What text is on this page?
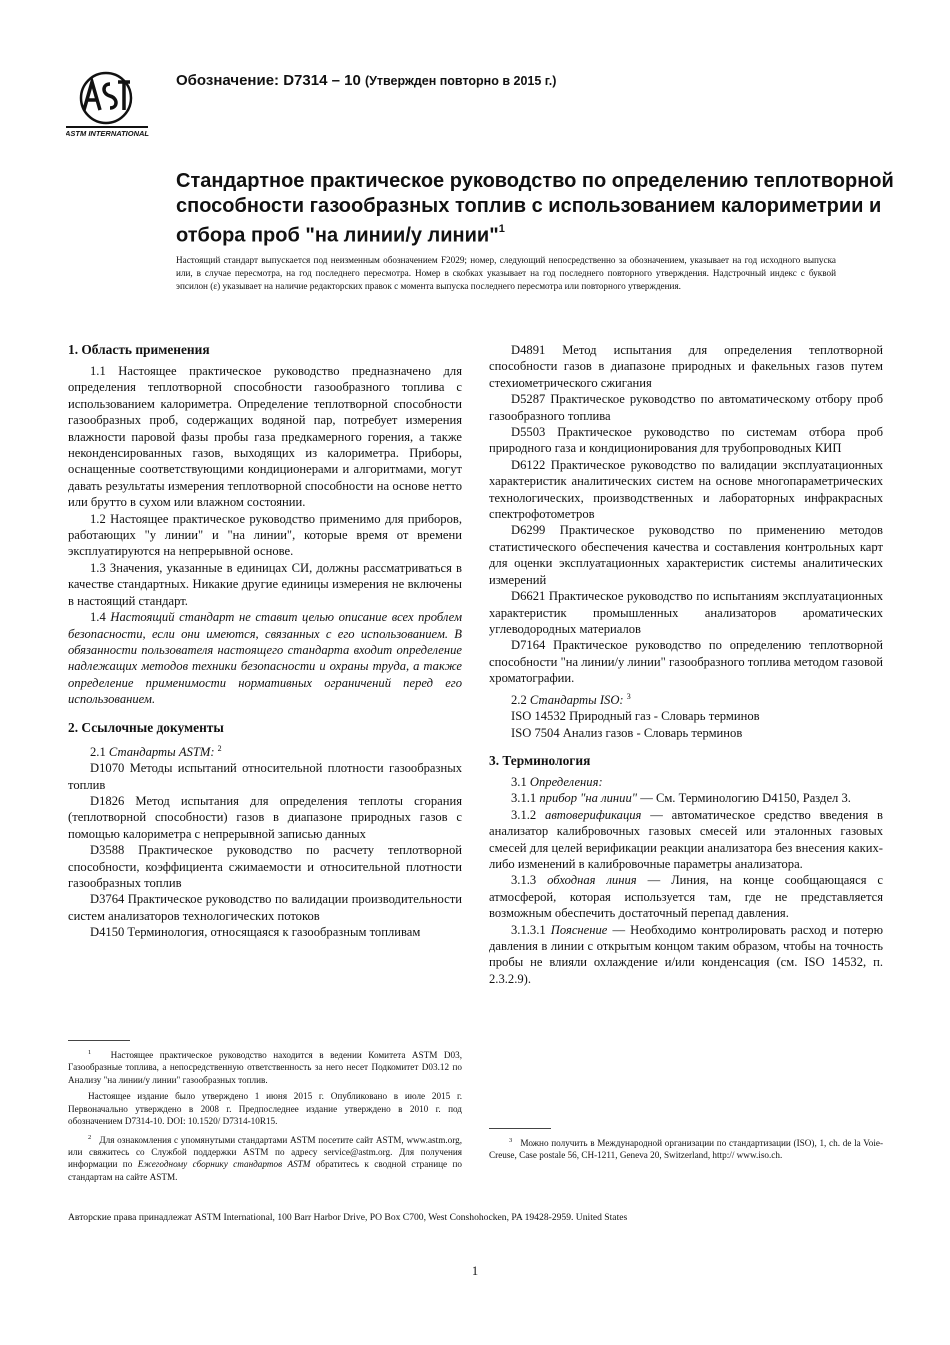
ASTM INTERNATIONAL
Обозначение: D7314 – 10 (Утвержден повторно в 2015 г.)
Стандартное практическое руководство по определению теплотворной способности газообразных топлив с использованием калориметрии и отбора проб "на линии/у линии"$^1$

Настоящий стандарт выпускается под неизменным обозначением F2029; номер, следующий непосредственно за обозначением, указывает на год исходного выпуска или, в случае пересмотра, на год последнего пересмотра. Номер в скобках указывает на год последнего повторного утверждения. Надстрочный индекс с буквой эпсилон (ε) указывает на наличие редакторских правок с момента выпуска последнего пересмотра или повторного утверждения.

1. Область применения

1.1 Настоящее практическое руководство предназначено для определения теплотворной способности газообразного топлива с использованием калориметра. Определение теплотворной способности газообразных проб, содержащих водяной пар, потребует измерения влажности паровой фазы пробы газа предкамерного горения, а также неконденсированных газов, выходящих из калориметра. Приборы, оснащенные соответствующими кондиционерами и алгоритмами, могут давать результаты измерения теплотворной способности на основе нетто или брутто в сухом или влажном состоянии.

1.2 Настоящее практическое руководство применимо для приборов, работающих "у линии" и "на линии", которые время от времени эксплуатируются на непрерывной основе.

1.3 Значения, указанные в единицах СИ, должны рассматриваться в качестве стандартных. Никакие другие единицы измерения не включены в настоящий стандарт.

1.4 Настоящий стандарт не ставит целью описание всех проблем безопасности, если они имеются, связанных с его использованием. В обязанности пользователя настоящего стандарта входит определение надлежащих методов техники безопасности и охраны труда, а также определение применимости нормативных ограничений перед его использованием.

2. Ссылочные документы

2.1 Стандарты ASTM: $^2$

D1070 Методы испытаний относительной плотности газообразных топлив

D1826 Метод испытания для определения теплоты сгорания (теплотворной способности) газов в диапазоне природных газов с помощью калориметра с непрерывной записью данных

D3588 Практическое руководство по расчету теплотворной способности, коэффициента сжимаемости и относительной плотности газообразных топлив

D3764 Практическое руководство по валидации производительности систем анализаторов технологических потоков

D4150 Терминология, относящаяся к газообразным топливам

$^1$ Настоящее практическое руководство находится в ведении Комитета ASTM D03, Газообразные топлива, а непосредственную ответственность за него несет Подкомитет D03.12 по Анализу "на линии/у линии" газообразных топлив.

Настоящее издание было утверждено 1 июня 2015 г. Опубликовано в июле 2015 г. Первоначально утверждено в 2008 г. Предпоследнее издание утверждено в 2010 г. под обозначением D7314-10. DOI: 10.1520/ D7314-10R15.

$^2$ Для ознакомления с упомянутыми стандартами ASTM посетите сайт ASTM, www.astm.org, или свяжитесь со Службой поддержки ASTM по адресу service@astm.org. Для получения информации по Ежегодному сборнику стандартов ASTM обратитесь к сводной странице по стандартам на сайте ASTM.

D4891 Метод испытания для определения теплотворной способности газов в диапазоне природных и факельных газов путем стехиометрического сжигания

D5287 Практическое руководство по автоматическому отбору проб газообразного топлива

D5503 Практическое руководство по системам отбора проб природного газа и кондиционирования для трубопроводных КИП

D6122 Практическое руководство по валидации эксплуатационных характеристик аналитических систем на основе многопараметрических технологических, производственных и лабораторных инфракрасных спектрофотометров

D6299 Практическое руководство по применению методов статистического обеспечения качества и составления контрольных карт для оценки эксплуатационных характеристик системы аналитических измерений

D6621 Практическое руководство по испытаниям эксплуатационных характеристик промышленных анализаторов ароматических углеводородных материалов

D7164 Практическое руководство по определению теплотворной способности "на линии/у линии" газообразного топлива методом газовой хроматографии.

2.2 Стандарты ISO: $^3$

ISO 14532 Природный газ - Словарь терминов

ISO 7504 Анализ газов - Словарь терминов

3. Терминология

3.1 Определения:

3.1.1 прибор "на линии" — См. Терминологию D4150, Раздел 3.

3.1.2 автоверификация — автоматическое средство введения в анализатор калибровочных газовых смесей или эталонных газовых смесей для целей верификации реакции анализатора без внесения каких-либо изменений в калибровочные параметры анализатора.

3.1.3 обходная линия — Линия, на конце сообщающаяся с атмосферой, которая используется там, где не представляется возможным обеспечить достаточный перепад давления.

3.1.3.1 Пояснение — Необходимо контролировать расход и потерю давления в линии с открытым концом таким образом, чтобы на точность пробы не влияли охлаждение и/или конденсация (см. ISO 14532, п. 2.3.2.9).

$^3$ Можно получить в Международной организации по стандартизации (ISO), 1, ch. de la Voie-Creuse, Case postale 56, CH-1211, Geneva 20, Switzerland, http:// www.iso.ch.

Авторские права принадлежат ASTM International, 100 Barr Harbor Drive, PO Box C700, West Conshohocken, PA 19428-2959. United States
1
